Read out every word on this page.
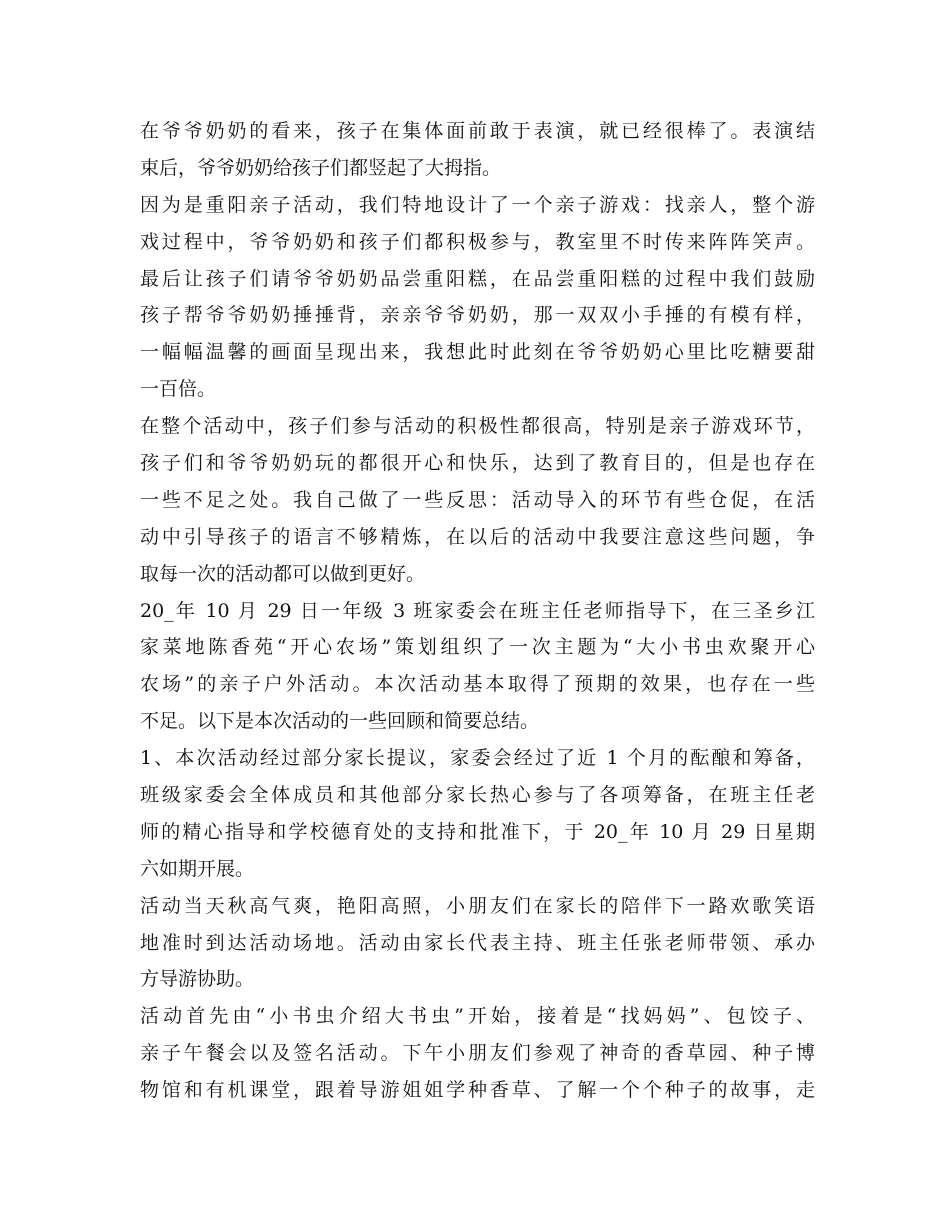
在爷爷奶奶的看来，孩子在集体面前敢于表演，就已经很棒了。表演结
束后，爷爷奶奶给孩子们都竖起了大拇指。
因为是重阳亲子活动，我们特地设计了一个亲子游戏：找亲人，整个游
戏过程中，爷爷奶奶和孩子们都积极参与，教室里不时传来阵阵笑声。
最后让孩子们请爷爷奶奶品尝重阳糕，在品尝重阳糕的过程中我们鼓励
孩子帮爷爷奶奶捶捶背，亲亲爷爷奶奶，那一双双小手捶的有模有样，
一幅幅温馨的画面呈现出来，我想此时此刻在爷爷奶奶心里比吃糖要甜
一百倍。
在整个活动中，孩子们参与活动的积极性都很高，特别是亲子游戏环节，
孩子们和爷爷奶奶玩的都很开心和快乐，达到了教育目的，但是也存在
一些不足之处。我自己做了一些反思：活动导入的环节有些仓促，在活
动中引导孩子的语言不够精炼，在以后的活动中我要注意这些问题，争
取每一次的活动都可以做到更好。
20_年 10 月 29 日一年级 3 班家委会在班主任老师指导下，在三圣乡江
家菜地陈香苑“开心农场”策划组织了一次主题为“大小书虫欢聚开心
农场”的亲子户外活动。本次活动基本取得了预期的效果，也存在一些
不足。以下是本次活动的一些回顾和简要总结。
1、本次活动经过部分家长提议，家委会经过了近 1 个月的酝酿和筹备，
班级家委会全体成员和其他部分家长热心参与了各项筹备，在班主任老
师的精心指导和学校德育处的支持和批准下，于 20_年 10 月 29 日星期
六如期开展。
活动当天秋高气爽，艳阳高照，小朋友们在家长的陪伴下一路欢歌笑语
地准时到达活动场地。活动由家长代表主持、班主任张老师带领、承办
方导游协助。
活动首先由“小书虫介绍大书虫”开始，接着是“找妈妈”、包饺子、
亲子午餐会以及签名活动。下午小朋友们参观了神奇的香草园、种子博
物馆和有机课堂，跟着导游姐姐学种香草、了解一个个种子的故事，走
